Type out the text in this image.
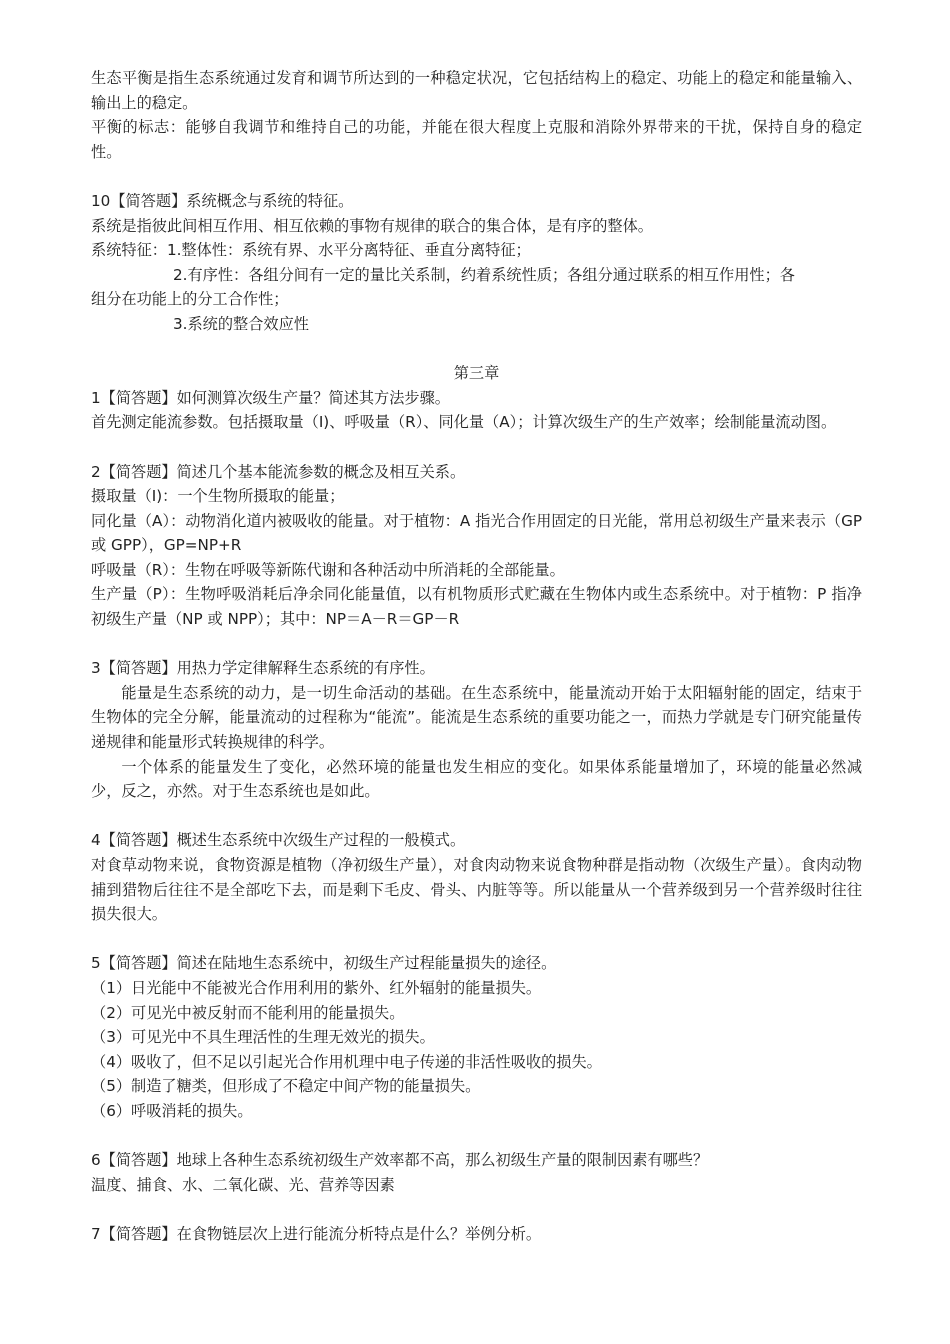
生态平衡是指生态系统通过发育和调节所达到的一种稳定状况，它包括结构上的稳定、功能上的稳定和能量输入、输出上的稳定。

平衡的标志：能够自我调节和维持自己的功能，并能在很大程度上克服和消除外界带来的干扰，保持自身的稳定性。

10【简答题】系统概念与系统的特征。

系统是指彼此间相互作用、相互依赖的事物有规律的联合的集合体，是有序的整体。

系统特征：1.整体性：系统有界、水平分离特征、垂直分离特征；

2.有序性：各组分间有一定的量比关系制，约着系统性质；各组分通过联系的相互作用性；各

组分在功能上的分工合作性；

3.系统的整合效应性

第三章

1【简答题】如何测算次级生产量？简述其方法步骤。

首先测定能流参数。包括摄取量（I)、呼吸量（R）、同化量（A）；计算次级生产的生产效率；绘制能量流动图。

2【简答题】简述几个基本能流参数的概念及相互关系。

摄取量（I)：一个生物所摄取的能量；

同化量（A）：动物消化道内被吸收的能量。对于植物：A 指光合作用固定的日光能，常用总初级生产量来表示（GP 或 GPP），GP=NP+R

呼吸量（R）：生物在呼吸等新陈代谢和各种活动中所消耗的全部能量。

生产量（P）：生物呼吸消耗后净余同化能量值，以有机物质形式贮藏在生物体内或生态系统中。对于植物：P 指净初级生产量（NP 或 NPP）；其中：NP＝A－R＝GP－R

3【简答题】用热力学定律解释生态系统的有序性。

能量是生态系统的动力，是一切生命活动的基础。在生态系统中，能量流动开始于太阳辐射能的固定，结束于生物体的完全分解，能量流动的过程称为“能流”。能流是生态系统的重要功能之一，而热力学就是专门研究能量传递规律和能量形式转换规律的科学。

一个体系的能量发生了变化，必然环境的能量也发生相应的变化。如果体系能量增加了，环境的能量必然减少，反之，亦然。对于生态系统也是如此。

4【简答题】概述生态系统中次级生产过程的一般模式。

对食草动物来说，食物资源是植物（净初级生产量），对食肉动物来说食物种群是指动物（次级生产量）。食肉动物捕到猎物后往往不是全部吃下去，而是剩下毛皮、骨头、内脏等等。所以能量从一个营养级到另一个营养级时往往损失很大。

5【简答题】简述在陆地生态系统中，初级生产过程能量损失的途径。

（1）日光能中不能被光合作用利用的紫外、红外辐射的能量损失。

（2）可见光中被反射而不能利用的能量损失。

（3）可见光中不具生理活性的生理无效光的损失。

（4）吸收了，但不足以引起光合作用机理中电子传递的非活性吸收的损失。

（5）制造了糖类，但形成了不稳定中间产物的能量损失。

（6）呼吸消耗的损失。

6【简答题】地球上各种生态系统初级生产效率都不高，那么初级生产量的限制因素有哪些？

温度、捕食、水、二氧化碳、光、营养等因素

7【简答题】在食物链层次上进行能流分析特点是什么？举例分析。
